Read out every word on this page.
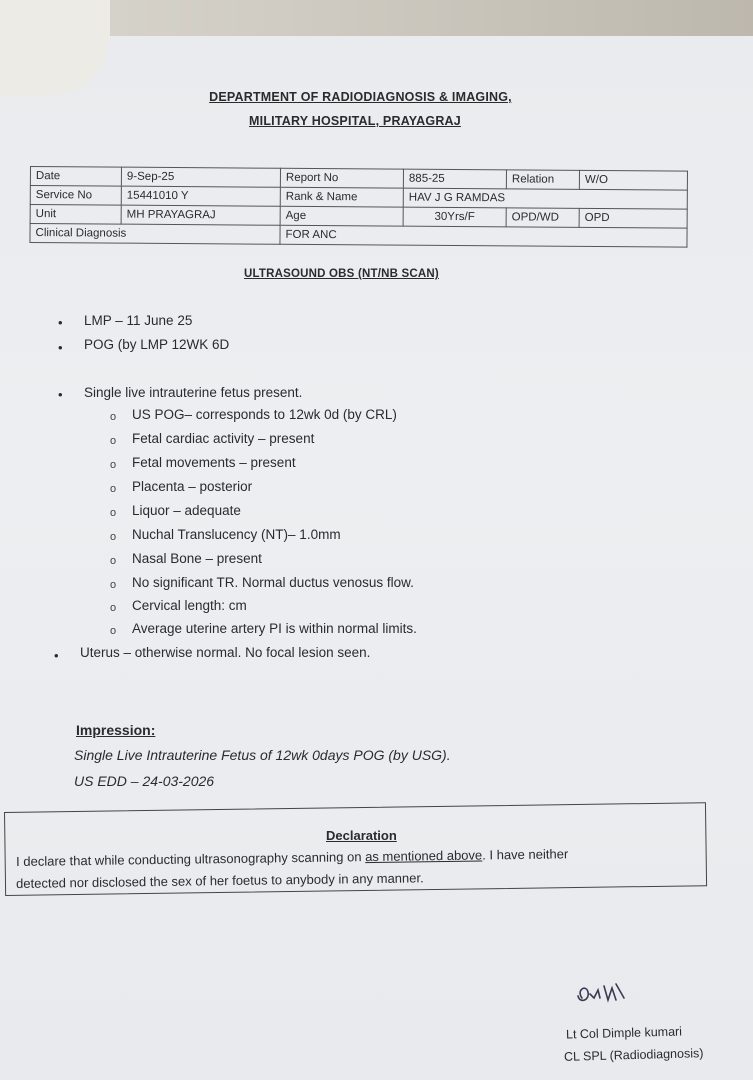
DEPARTMENT OF RADIODIAGNOSIS & IMAGING,
MILITARY HOSPITAL, PRAYAGRAJ
Date	9-Sep-25	Report No	885-25	Relation	W/O
Service No	15441010 Y	Rank & Name	HAV J G RAMDAS		
Unit	MH PRAYAGRAJ	Age	30Yrs/F	OPD/WD	OPD
Clinical Diagnosis		FOR ANC			
ULTRASOUND OBS (NT/NB SCAN)
• LMP – 11 June 25
• POG (by LMP 12WK 6D
• Single live intrauterine fetus present.
o US POG– corresponds to 12wk 0d (by CRL)
o Fetal cardiac activity – present
o Fetal movements – present
o Placenta – posterior
o Liquor – adequate
o Nuchal Translucency (NT)– 1.0mm
o Nasal Bone – present
o No significant TR. Normal ductus venosus flow.
o Cervical length: cm
o Average uterine artery PI is within normal limits.
• Uterus – otherwise normal. No focal lesion seen.
Impression:
Single Live Intrauterine Fetus of 12wk 0days POG (by USG).
US EDD – 24-03-2026
Declaration
I declare that while conducting ultrasonography scanning on as mentioned above. I have neither
detected nor disclosed the sex of her foetus to anybody in any manner.
Lt Col Dimple kumari
CL SPL (Radiodiagnosis)
